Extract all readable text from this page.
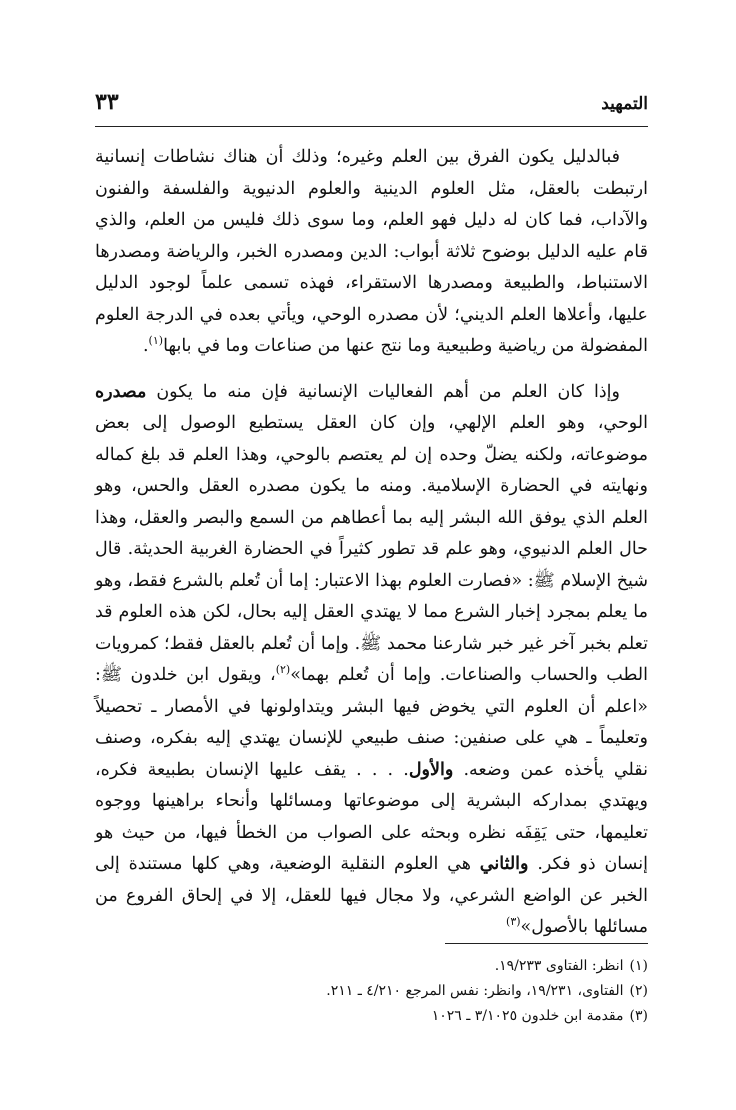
التمهيد
٣٣

فبالدليل يكون الفرق بين العلم وغيره؛ وذلك أن هناك نشاطات إنسانية ارتبطت بالعقل، مثل العلوم الدينية والعلوم الدنيوية والفلسفة والفنون والآداب، فما كان له دليل فهو العلم، وما سوى ذلك فليس من العلم، والذي قام عليه الدليل بوضوح ثلاثة أبواب: الدين ومصدره الخبر، والرياضة ومصدرها الاستنباط، والطبيعة ومصدرها الاستقراء، فهذه تسمى علماً لوجود الدليل عليها، وأعلاها العلم الديني؛ لأن مصدره الوحي، ويأتي بعده في الدرجة العلوم المفضولة من رياضية وطبيعية وما نتج عنها من صناعات وما في بابها$^{(١)}$.

وإذا كان العلم من أهم الفعاليات الإنسانية فإن منه ما يكون مصدره الوحي، وهو العلم الإلهي، وإن كان العقل يستطيع الوصول إلى بعض موضوعاته، ولكنه يضلّ وحده إن لم يعتصم بالوحي، وهذا العلم قد بلغ كماله ونهايته في الحضارة الإسلامية. ومنه ما يكون مصدره العقل والحس، وهو العلم الذي يوفق الله البشر إليه بما أعطاهم من السمع والبصر والعقل، وهذا حال العلم الدنيوي، وهو علم قد تطور كثيراً في الحضارة الغربية الحديثة. قال شيخ الإسلام ﷺ: «فصارت العلوم بهذا الاعتبار: إما أن تُعلم بالشرع فقط، وهو ما يعلم بمجرد إخبار الشرع مما لا يهتدي العقل إليه بحال، لكن هذه العلوم قد تعلم بخبر آخر غير خبر شارعنا محمد ﷺ. وإما أن تُعلم بالعقل فقط؛ كمرويات الطب والحساب والصناعات. وإما أن تُعلم بهما»$^{(٢)}$، ويقول ابن خلدون ﷺ: «اعلم أن العلوم التي يخوض فيها البشر ويتداولونها في الأمصار ـ تحصيلاً وتعليماً ـ هي على صنفين: صنف طبيعي للإنسان يهتدي إليه بفكره، وصنف نقلي يأخذه عمن وضعه. والأول. . . . يقف عليها الإنسان بطبيعة فكره، ويهتدي بمداركه البشرية إلى موضوعاتها ومسائلها وأنحاء براهينها ووجوه تعليمها، حتى يَقِفَه نظره وبحثه على الصواب من الخطأ فيها، من حيث هو إنسان ذو فكر. والثاني هي العلوم النقلية الوضعية، وهي كلها مستندة إلى الخبر عن الواضع الشرعي، ولا مجال فيها للعقل، إلا في إلحاق الفروع من مسائلها بالأصول»$^{(٣)}$

(١)انظر: الفتاوى ١٩/٢٣٣.

(٢)الفتاوى، ١٩/٢٣١، وانظر: نفس المرجع ٤/٢١٠ ـ ٢١١.

(٣)مقدمة ابن خلدون ٣/١٠٢٥ ـ ١٠٢٦
